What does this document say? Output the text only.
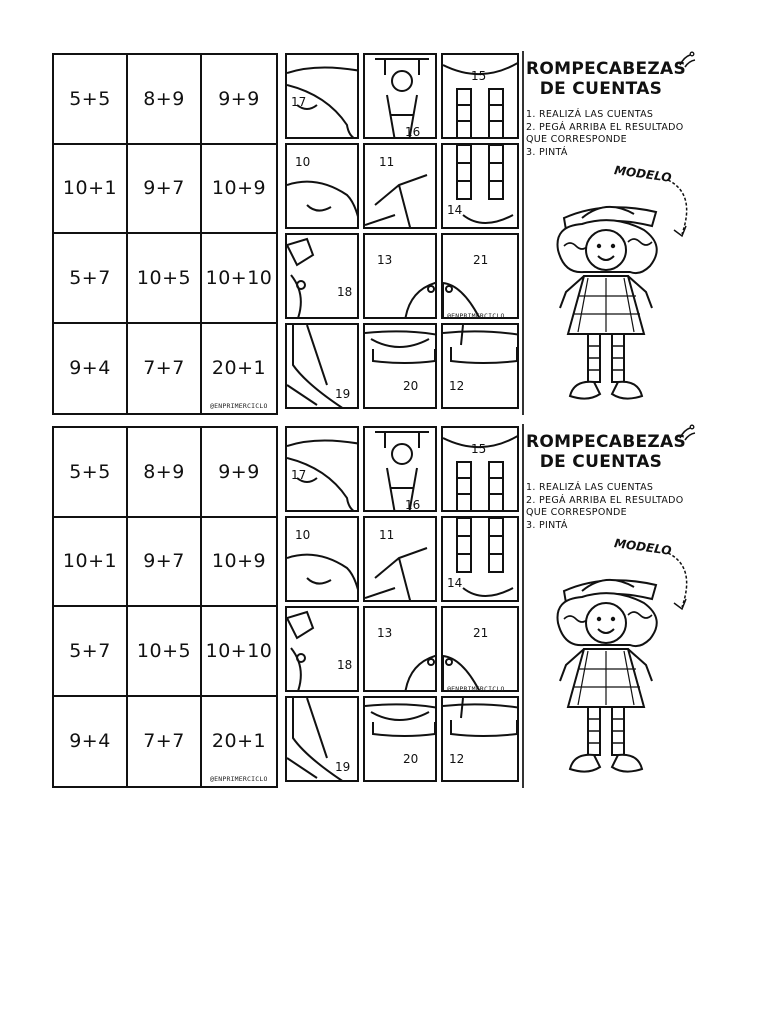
5+5	8+9	9+9
10+1	9+7	10+9
5+7	10+5 10+10
9+4	7+7	20+1
@ENPRIMERCICLO
17
16
15
10	11
14
18
13	21
19
20	12
@ENPRIMERCICLO
ROMPECABEZAS
DE CUENTAS
1. REALIZÁ LAS CUENTAS
2. PEGÁ ARRIBA EL RESULTADO
QUE CORRESPONDE
3. PINTÁ
MODELO
5+5	8+9	9+9
10+1	9+7	10+9
5+7	10+5 10+10
9+4	7+7	20+1
@ENPRIMERCICLO
17
16
15
10	11
14
18
13	21
19
20	12
@ENPRIMERCICLO
ROMPECABEZAS
DE CUENTAS
1. REALIZÁ LAS CUENTAS
2. PEGÁ ARRIBA EL RESULTADO
QUE CORRESPONDE
3. PINTÁ
MODELO
